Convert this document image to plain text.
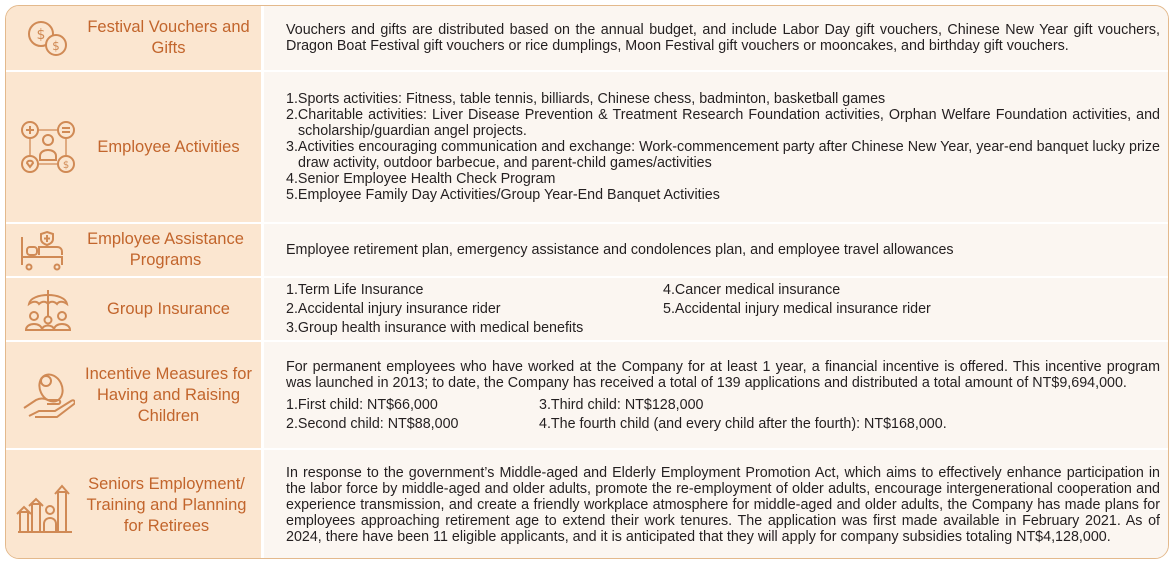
$
$
Festival Vouchers and Gifts

Vouchers and gifts are distributed based on the annual budget, and include Labor Day gift vouchers, Chinese New Year gift vouchers, Dragon Boat Festival gift vouchers or rice dumplings, Moon Festival gift vouchers or mooncakes, and birthday gift vouchers.

$
Employee Activities

1.Sports activities: Fitness, table tennis, billiards, Chinese chess, badminton, basketball games

2.Charitable activities: Liver Disease Prevention & Treatment Research Foundation activities, Orphan Welfare Foundation activities, and scholarship/guardian angel projects.

3.Activities encouraging communication and exchange: Work-commencement party after Chinese New Year, year-end banquet lucky prize draw activity, outdoor barbecue, and parent-child games/activities

4.Senior Employee Health Check Program

5.Employee Family Day Activities/Group Year-End Banquet Activities

Employee Assistance Programs

Employee retirement plan, emergency assistance and condolences plan, and employee travel allowances

Group Insurance

1.Term Life Insurance	4.Cancer medical insurance

2.Accidental injury insurance rider	5.Accidental injury medical insurance rider

3.Group health insurance with medical benefits

Incentive Measures for Having and Raising Children

For permanent employees who have worked at the Company for at least 1 year, a financial incentive is offered. This incentive program was launched in 2013; to date, the Company has received a total of 139 applications and distributed a total amount of NT$9,694,000.

1.First child: NT$66,000	3.Third child: NT$128,000

2.Second child: NT$88,000	4.The fourth child (and every child after the fourth): NT$168,000.

Seniors Employment/ Training and Planning for Retirees

In response to the government’s Middle-aged and Elderly Employment Promotion Act, which aims to effectively enhance participation in the labor force by middle-aged and older adults, promote the re-employment of older adults, encourage intergenerational cooperation and experience transmission, and create a friendly workplace atmosphere for middle-aged and older adults, the Company has made plans for employees approaching retirement age to extend their work tenures. The application was first made available in February 2021. As of 2024, there have been 11 eligible applicants, and it is anticipated that they will apply for company subsidies totaling NT$4,128,000.
